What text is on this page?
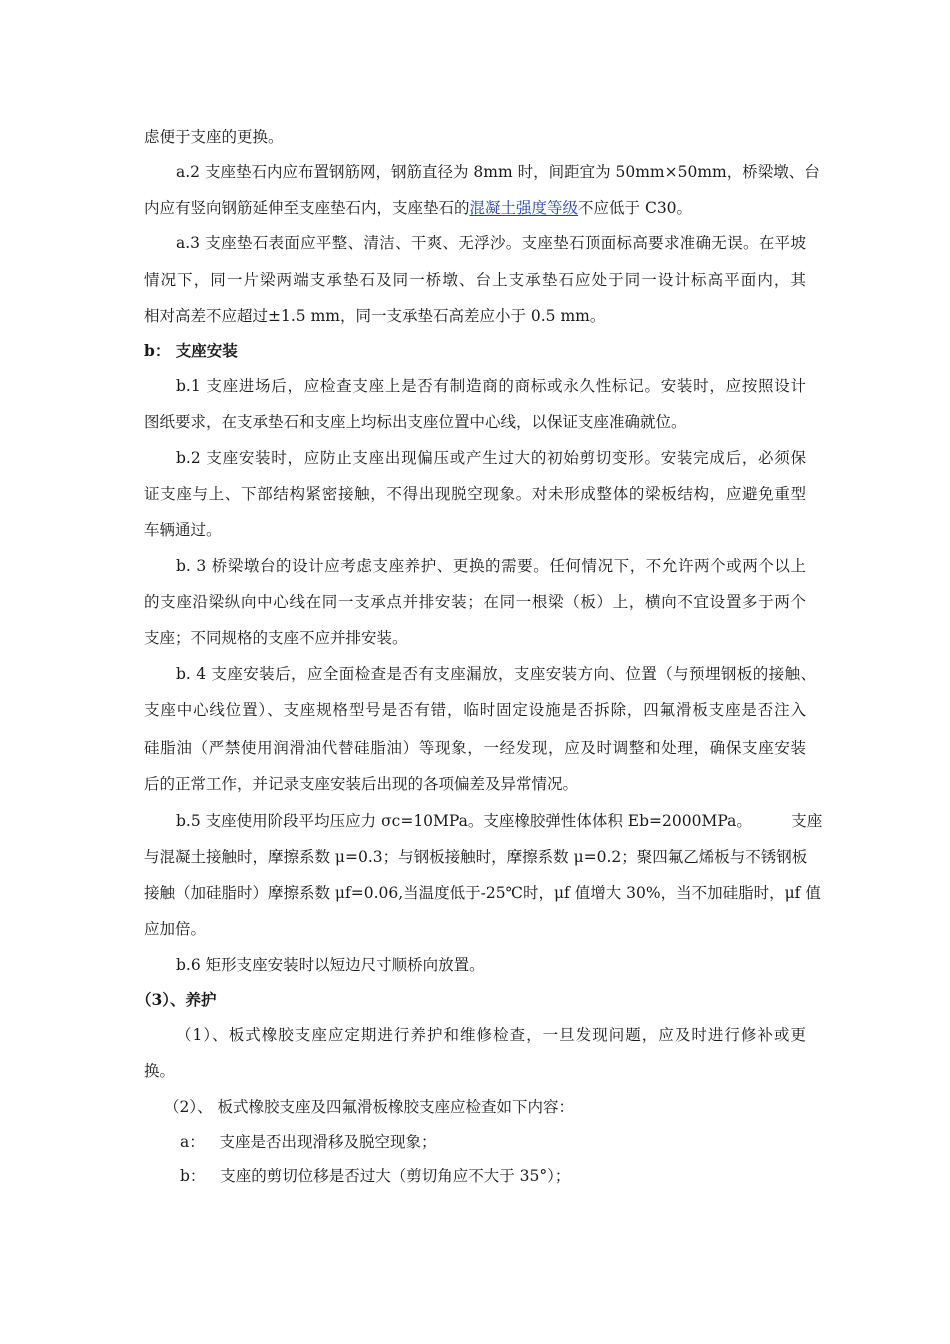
虑便于支座的更换。
a.2 支座垫石内应布置钢筋网，钢筋直径为 8mm 时，间距宜为 50mm×50mm，桥梁墩、台
内应有竖向钢筋延伸至支座垫石内，支座垫石的混凝土强度等级不应低于 C30。
a.3 支座垫石表面应平整、清洁、干爽、无浮沙。支座垫石顶面标高要求准确无误。在平坡
情况下，同一片梁两端支承垫石及同一桥墩、台上支承垫石应处于同一设计标高平面内，其
相对高差不应超过±1.5 mm，同一支承垫石高差应小于 0.5 mm。
b： 支座安装
b.1 支座进场后，应检查支座上是否有制造商的商标或永久性标记。安装时，应按照设计
图纸要求，在支承垫石和支座上均标出支座位置中心线，以保证支座准确就位。
b.2 支座安装时，应防止支座出现偏压或产生过大的初始剪切变形。安装完成后，必须保
证支座与上、下部结构紧密接触，不得出现脱空现象。对未形成整体的梁板结构，应避免重型
车辆通过。
b. 3 桥梁墩台的设计应考虑支座养护、更换的需要。任何情况下，不允许两个或两个以上
的支座沿梁纵向中心线在同一支承点并排安装；在同一根梁（板）上，横向不宜设置多于两个
支座；不同规格的支座不应并排安装。
b. 4 支座安装后，应全面检查是否有支座漏放，支座安装方向、位置（与预埋钢板的接触、
支座中心线位置）、支座规格型号是否有错，临时固定设施是否拆除，四氟滑板支座是否注入
硅脂油（严禁使用润滑油代替硅脂油）等现象，一经发现，应及时调整和处理，确保支座安装
后的正常工作，并记录支座安装后出现的各项偏差及异常情况。
b.5 支座使用阶段平均压应力 σc=10MPa。支座橡胶弹性体体积 Eb=2000MPa。        支座
与混凝土接触时，摩擦系数 μ=0.3；与钢板接触时，摩擦系数 μ=0.2；聚四氟乙烯板与不锈钢板
接触（加硅脂时）摩擦系数 μf=0.06,当温度低于-25℃时，μf 值增大 30%，当不加硅脂时，μf 值
应加倍。
b.6 矩形支座安装时以短边尺寸顺桥向放置。
（3）、养护
（1）、板式橡胶支座应定期进行养护和维修检查，一旦发现问题，应及时进行修补或更
换。
（2）、 板式橡胶支座及四氟滑板橡胶支座应检查如下内容：
a：   支座是否出现滑移及脱空现象；
b：   支座的剪切位移是否过大（剪切角应不大于 35°）；
